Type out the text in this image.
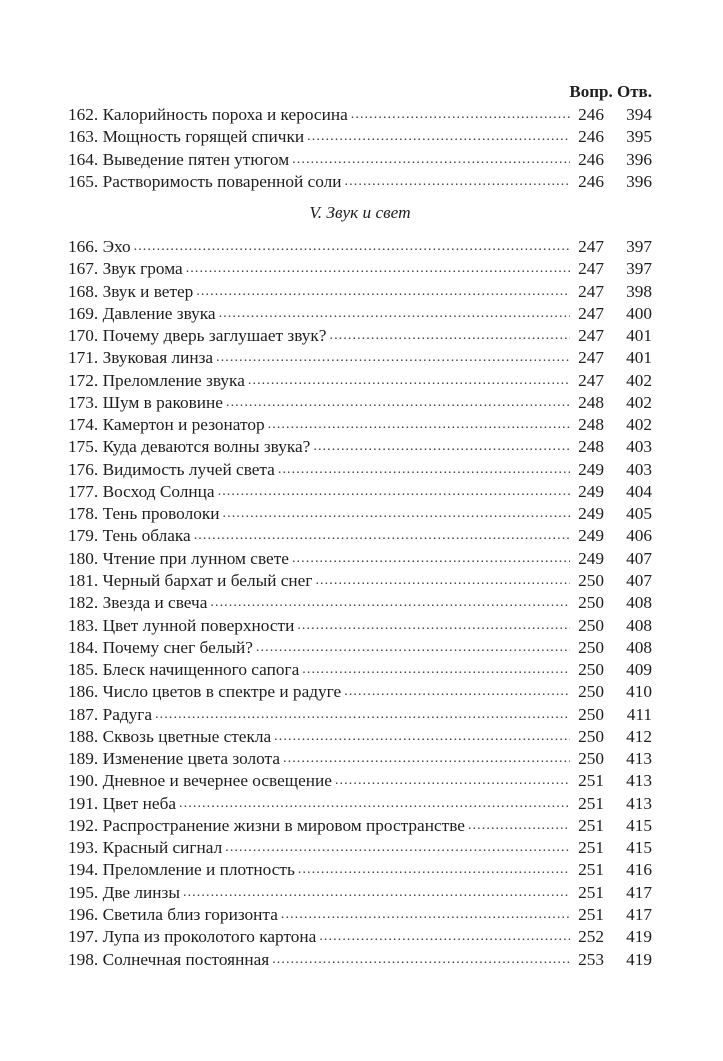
Вопр. Отв.
162. Калорийность пороха и керосина . . .	246	394
163. Мощность горящей спички . . .	246	395
164. Выведение пятен утюгом . . .	246	396
165. Растворимость поваренной соли . . .	246	396
V. Звук и свет
166. Эхо . . .	247	397
167. Звук грома . . .	247	397
168. Звук и ветер . . .	247	398
169. Давление звука . . .	247	400
170. Почему дверь заглушает звук? . . .	247	401
171. Звуковая линза . . .	247	401
172. Преломление звука . . .	247	402
173. Шум в раковине . . .	248	402
174. Камертон и резонатор . . .	248	402
175. Куда деваются волны звука? . . .	248	403
176. Видимость лучей света . . .	249	403
177. Восход Солнца . . .	249	404
178. Тень проволоки . . .	249	405
179. Тень облака . . .	249	406
180. Чтение при лунном свете . . .	249	407
181. Черный бархат и белый снег . . .	250	407
182. Звезда и свеча . . .	250	408
183. Цвет лунной поверхности . . .	250	408
184. Почему снег белый? . . .	250	408
185. Блеск начищенного сапога . . .	250	409
186. Число цветов в спектре и радуге . . .	250	410
187. Радуга . . .	250	411
188. Сквозь цветные стекла . . .	250	412
189. Изменение цвета золота . . .	250	413
190. Дневное и вечернее освещение . . .	251	413
191. Цвет неба . . .	251	413
192. Распространение жизни в мировом пространстве . . .	251	415
193. Красный сигнал . . .	251	415
194. Преломление и плотность . . .	251	416
195. Две линзы . . .	251	417
196. Светила близ горизонта . . .	251	417
197. Лупа из проколотого картона . . .	252	419
198. Солнечная постоянная . . .	253	419
